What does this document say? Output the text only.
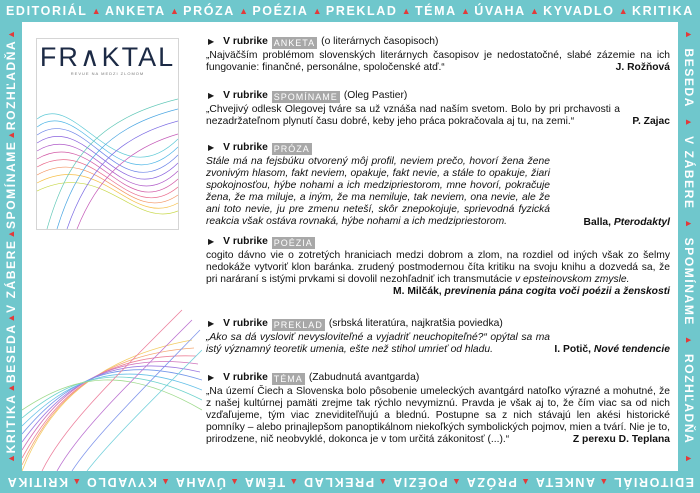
EDITORIÁL ▲ ANKETA ▲ PRÓZA ▲ POÉZIA ▲ PREKLAD ▲ TÉMA ▲ ÚVAHA ▲ KYVADLO ▲ KRITIKA
EDITORIÁL
▲
ANKETA
▲
PRÓZA
▲
POÉZIA
▲
PREKLAD
▲
TÉMA
▲
ÚVAHA
▲
KYVADLO
▲
KRITIKA
▲
KRITIKA
▲
BESEDA
▲
V ZÁBERE
▲
SPOMÍNAME
▲
ROZHĽADŇA
▲	▲
BESEDA
▲
V ZÁBERE
▲
SPOMÍNAME
▲
ROZHĽADŇA
▲
FR∧KTAL
REVUE NA MEDZI ZLOMOM
▶ V rubrike ANKETA (o literárnych časopisoch)
„Najväčším problémom slovenských literárnych časopisov je nedostatočné, slabé zázemie na ich fungovanie: finančné, personálne, spoločenské atď.“	J. Rožňová
▶ V rubrike SPOMÍNAME (Oleg Pastier)
„Chvejivý odlesk Olegovej tváre sa už vznáša nad naším svetom. Bolo by pri prchavosti a nezadržateľnom plynutí času dobré, keby jeho práca pokračovala aj tu, na zemi.“	P. Zajac
▶ V rubrike PRÓZA
Stále má na fejsbúku otvorený môj profil, neviem prečo, hovorí žena žene zvonivým hlasom, fakt neviem, opakuje, fakt nevie, a stále to opakuje, žiari spokojnosťou, hýbe nohami a ich medzipriestorom, mne hovorí, pokračuje žena, že ma miluje, a iným, že ma nemiluje, tak neviem, ona nevie, ale že ani toto nevie, ju pre zmenu neteší, skôr znepokojuje, sprievodná fyzická reakcia však ostáva rovnaká, hýbe nohami a ich medzipriestorom.	Balla, Pterodaktyl
▶ V rubrike POÉZIA
cogito dávno vie o zotretých hraniciach medzi dobrom a zlom, na rozdiel od iných však zo šelmy nedokáže vytvoriť klon baránka. zrudený postmodernou číta kritiku na svoju knihu a dozvedá sa, že pri naráraní s istými prvkami si dovolil nezohľadniť ich transmutácie v epsteinovskom zmysle.
M. Milčák, previnenia pána cogita voči poézii a ženskosti
▶ V rubrike PREKLAD (srbská literatúra, najkratšia poviedka)
„Ako sa dá vysloviť nevysloviteľné a vyjadriť neuchopiteľné?“ opýtal sa ma istý významný teoretik umenia, ešte než stihol umrieť od hladu.	I. Potič, Nové tendencie
▶ V rubrike TÉMA (Zabudnutá avantgarda)
„Na území Čiech a Slovenska bolo pôsobenie umeleckých avantgárd natoľko výrazné a mohutné, že z našej kultúrnej pamäti zrejme tak rýchlo nevymiznú. Pravda je však aj to, že čím viac sa od nich vzďaľujeme, tým viac zneviditeľňujú a blednú. Postupne sa z nich stávajú len akési historické pomníky – alebo prinajlepšom panoptikálnom niekoľkých symbolických pojmov, mien a tvárí. Nie je to, prirodzene, nič neobvyklé, dokonca je v tom určitá zákonitosť (...).“	Z perexu D. Teplana
